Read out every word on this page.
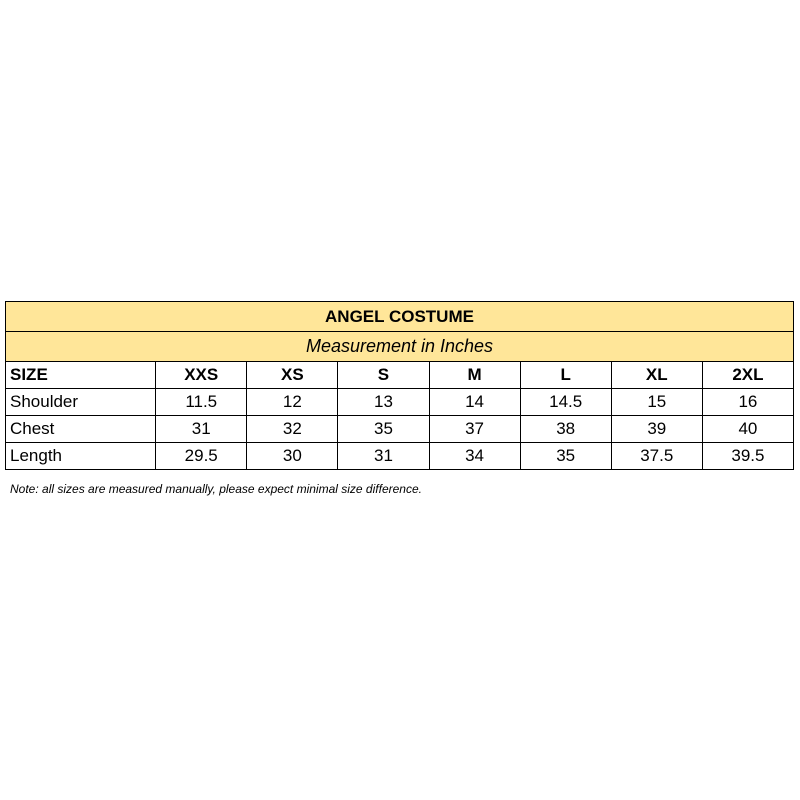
ANGEL COSTUME							
Measurement in Inches							
SIZE	XXS	XS	S	M	L	XL	2XL
Shoulder	11.5	12	13	14	14.5	15	16
Chest	31	32	35	37	38	39	40
Length	29.5	30	31	34	35	37.5	39.5
Note: all sizes are measured manually, please expect minimal size difference.
